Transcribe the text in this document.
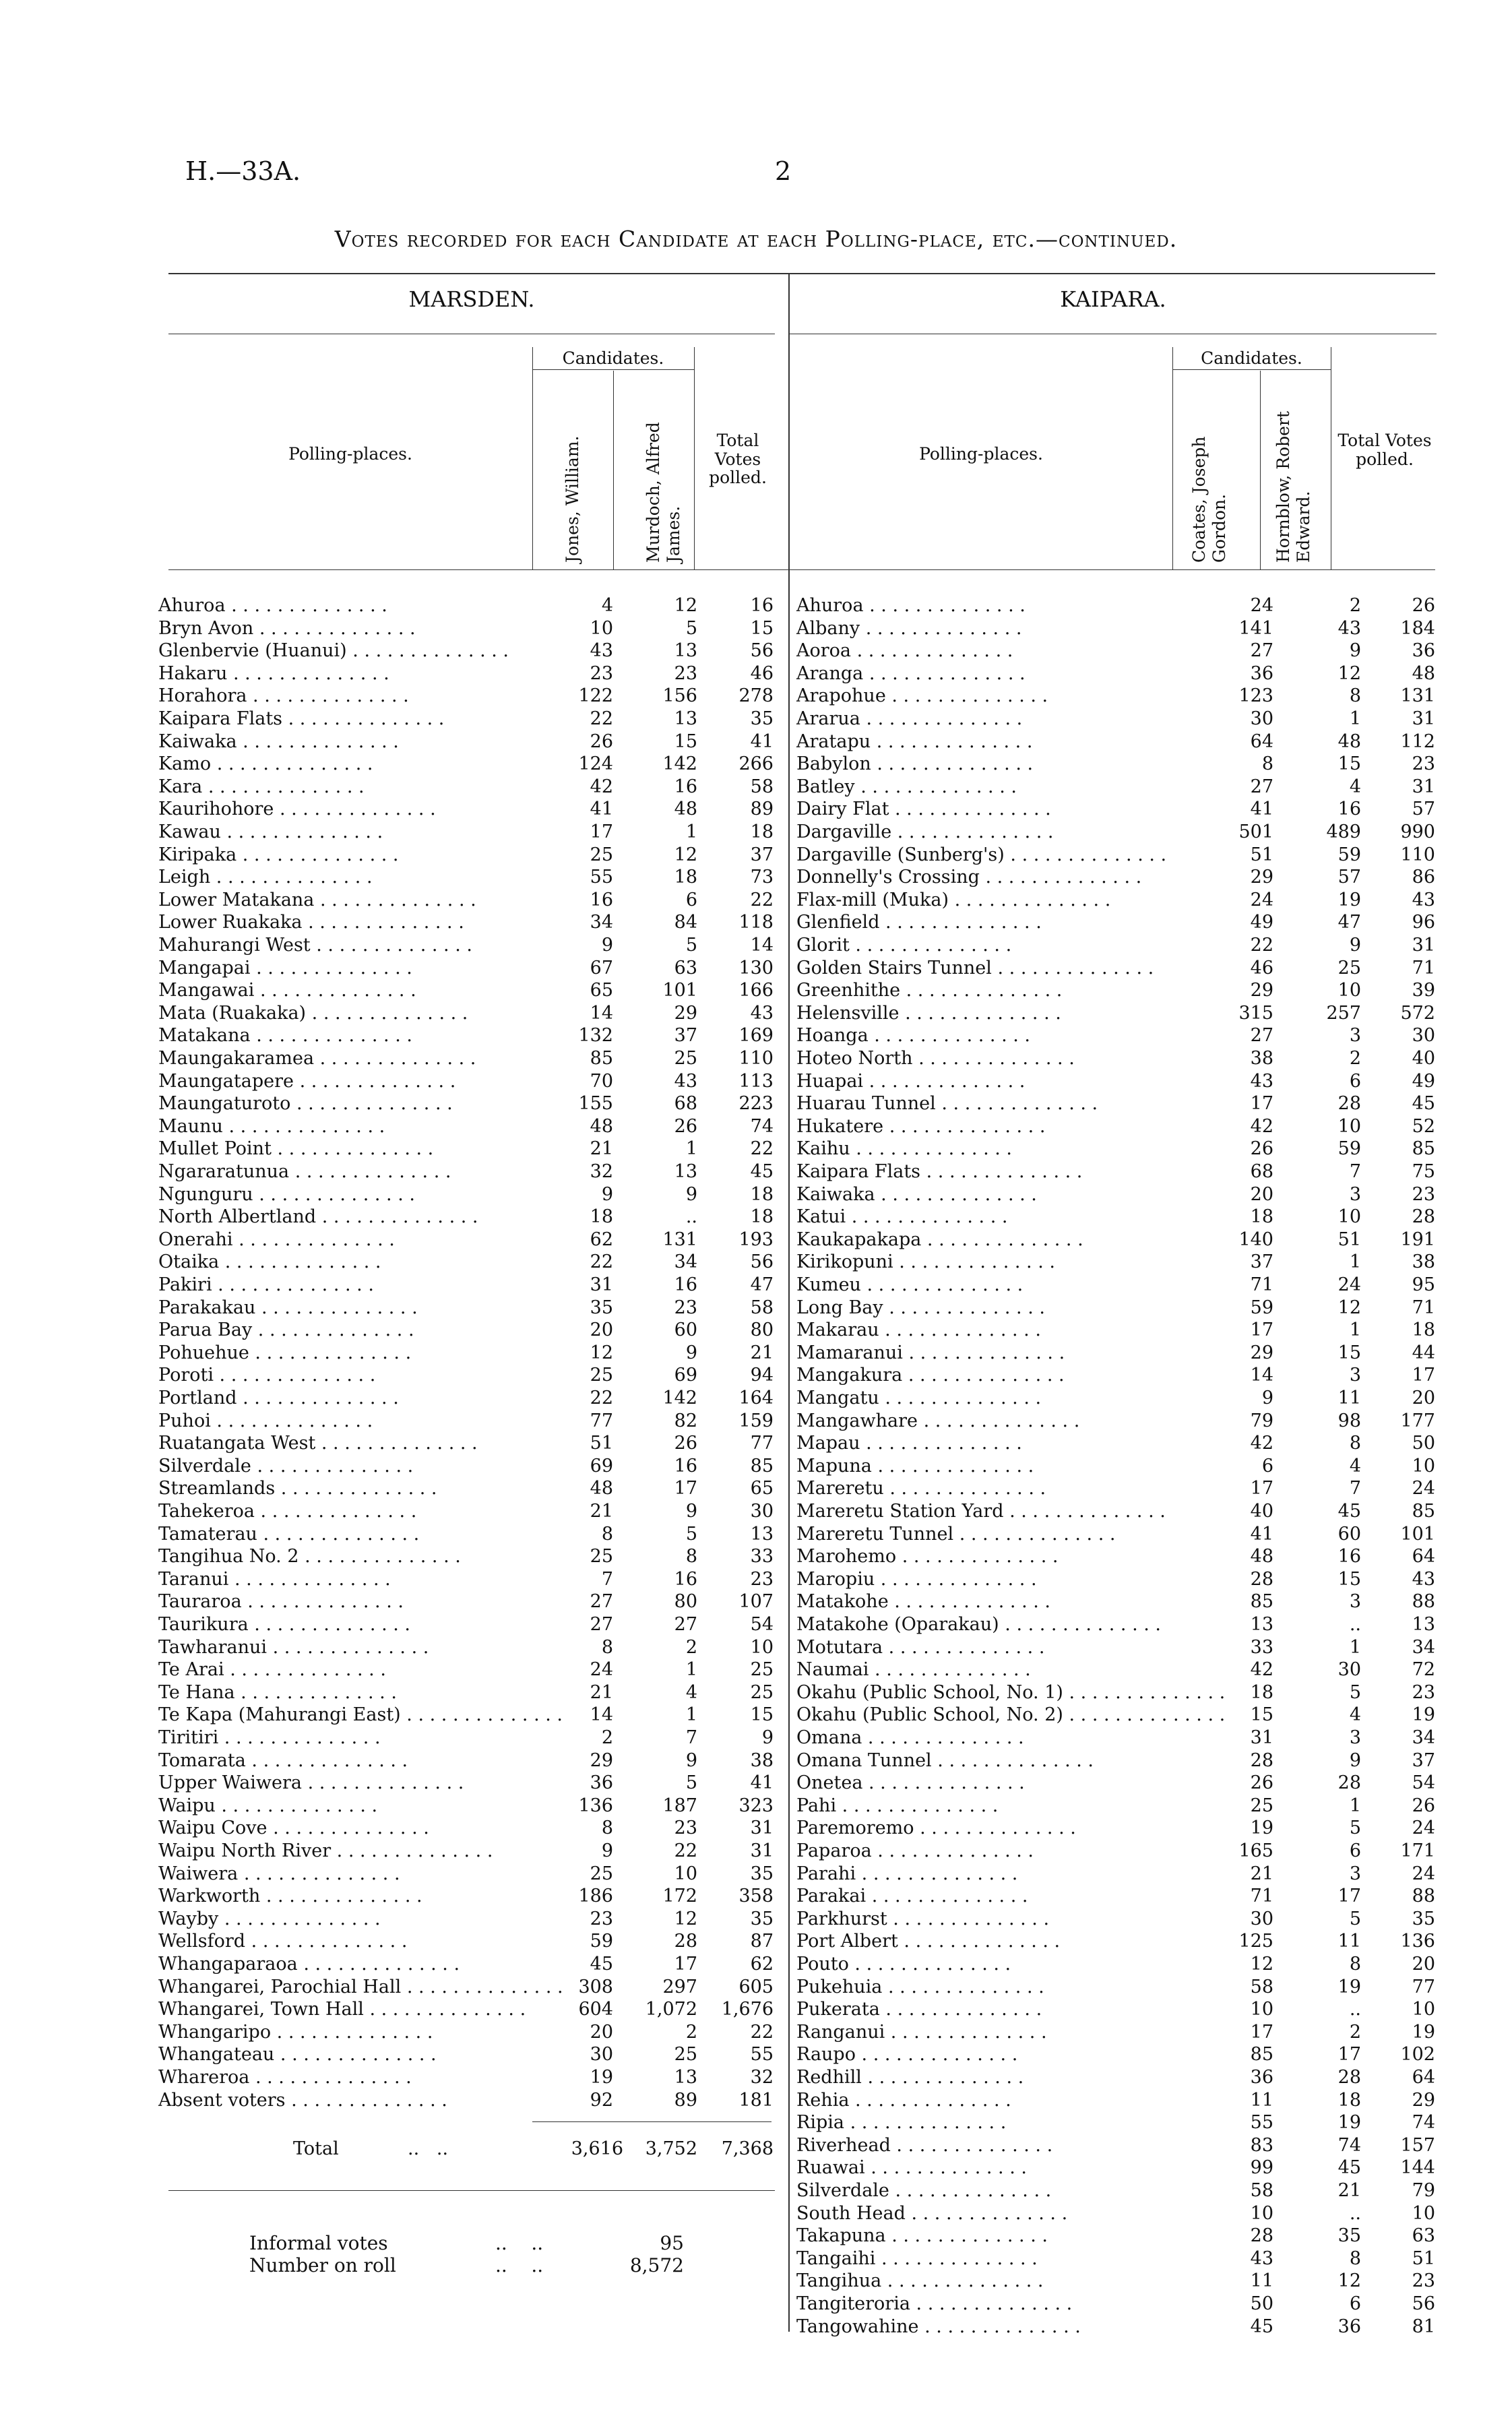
H.—33A.	2
Votes recorded for each Candidate at each Polling-place, etc.—continued.
MARSDEN.	KAIPARA.
Candidates.
Polling-places.	Jones, William.	Murdoch, Alfred James.
Total Votes polled.
Candidates.
Polling-places.	Coates, Joseph Gordon.	Hornblow, Robert Edward.
Total Votes polled.
Ahuroa . . . . . . . . . . . . . .	4	12	16
Bryn Avon . . . . . . . . . . . . . .	10	5	15
Glenbervie (Huanui) . . . . . . . . . . . . . .	43	13	56
Hakaru . . . . . . . . . . . . . .	23	23	46
Horahora . . . . . . . . . . . . . .	122	156	278
Kaipara Flats . . . . . . . . . . . . . .	22	13	35
Kaiwaka . . . . . . . . . . . . . .	26	15	41
Kamo . . . . . . . . . . . . . .	124	142	266
Kara . . . . . . . . . . . . . .	42	16	58
Kaurihohore . . . . . . . . . . . . . .	41	48	89
Kawau . . . . . . . . . . . . . .	17	1	18
Kiripaka . . . . . . . . . . . . . .	25	12	37
Leigh . . . . . . . . . . . . . .	55	18	73
Lower Matakana . . . . . . . . . . . . . .	16	6	22
Lower Ruakaka . . . . . . . . . . . . . .	34	84	118
Mahurangi West . . . . . . . . . . . . . .	9	5	14
Mangapai . . . . . . . . . . . . . .	67	63	130
Mangawai . . . . . . . . . . . . . .	65	101	166
Mata (Ruakaka) . . . . . . . . . . . . . .	14	29	43
Matakana . . . . . . . . . . . . . .	132	37	169
Maungakaramea . . . . . . . . . . . . . .	85	25	110
Maungatapere . . . . . . . . . . . . . .	70	43	113
Maungaturoto . . . . . . . . . . . . . .	155	68	223
Maunu . . . . . . . . . . . . . .	48	26	74
Mullet Point . . . . . . . . . . . . . .	21	1	22
Ngararatunua . . . . . . . . . . . . . .	32	13	45
Ngunguru . . . . . . . . . . . . . .	9	9	18
North Albertland . . . . . . . . . . . . . .	18	..	18
Onerahi . . . . . . . . . . . . . .	62	131	193
Otaika . . . . . . . . . . . . . .	22	34	56
Pakiri . . . . . . . . . . . . . .	31	16	47
Parakakau . . . . . . . . . . . . . .	35	23	58
Parua Bay . . . . . . . . . . . . . .	20	60	80
Pohuehue . . . . . . . . . . . . . .	12	9	21
Poroti . . . . . . . . . . . . . .	25	69	94
Portland . . . . . . . . . . . . . .	22	142	164
Puhoi . . . . . . . . . . . . . .	77	82	159
Ruatangata West . . . . . . . . . . . . . .	51	26	77
Silverdale . . . . . . . . . . . . . .	69	16	85
Streamlands . . . . . . . . . . . . . .	48	17	65
Tahekeroa . . . . . . . . . . . . . .	21	9	30
Tamaterau . . . . . . . . . . . . . .	8	5	13
Tangihua No. 2 . . . . . . . . . . . . . .	25	8	33
Taranui . . . . . . . . . . . . . .	7	16	23
Tauraroa . . . . . . . . . . . . . .	27	80	107
Taurikura . . . . . . . . . . . . . .	27	27	54
Tawharanui . . . . . . . . . . . . . .	8	2	10
Te Arai . . . . . . . . . . . . . .	24	1	25
Te Hana . . . . . . . . . . . . . .	21	4	25
Te Kapa (Mahurangi East) . . . . . . . . . . . . . .	14	1	15
Tiritiri . . . . . . . . . . . . . .	2	7	9
Tomarata . . . . . . . . . . . . . .	29	9	38
Upper Waiwera . . . . . . . . . . . . . .	36	5	41
Waipu . . . . . . . . . . . . . .	136	187	323
Waipu Cove . . . . . . . . . . . . . .	8	23	31
Waipu North River . . . . . . . . . . . . . .	9	22	31
Waiwera . . . . . . . . . . . . . .	25	10	35
Warkworth . . . . . . . . . . . . . .	186	172	358
Wayby . . . . . . . . . . . . . .	23	12	35
Wellsford . . . . . . . . . . . . . .	59	28	87
Whangaparaoa . . . . . . . . . . . . . .	45	17	62
Whangarei, Parochial Hall . . . . . . . . . . . . . . 308	297	605
Whangarei, Town Hall . . . . . . . . . . . . . .	604	1,072	1,676
Whangaripo . . . . . . . . . . . . . .	20	2	22
Whangateau . . . . . . . . . . . . . .	30	25	55
Whareroa . . . . . . . . . . . . . .	19	13	32
Absent voters . . . . . . . . . . . . . .	92	89	181
Ahuroa . . . . . . . . . . . . . .	24	2	26
Albany . . . . . . . . . . . . . .	141	43	184
Aoroa . . . . . . . . . . . . . .	27	9	36
Aranga . . . . . . . . . . . . . .	36	12	48
Arapohue . . . . . . . . . . . . . .	123	8	131
Ararua . . . . . . . . . . . . . .	30	1	31
Aratapu . . . . . . . . . . . . . .	64	48	112
Babylon . . . . . . . . . . . . . .	8	15	23
Batley . . . . . . . . . . . . . .	27	4	31
Dairy Flat . . . . . . . . . . . . . .	41	16	57
Dargaville . . . . . . . . . . . . . .	501	489	990
Dargaville (Sunberg's) . . . . . . . . . . . . . .	51	59	110
Donnelly's Crossing . . . . . . . . . . . . . .	29	57	86
Flax-mill (Muka) . . . . . . . . . . . . . .	24	19	43
Glenfield . . . . . . . . . . . . . .	49	47	96
Glorit . . . . . . . . . . . . . .	22	9	31
Golden Stairs Tunnel . . . . . . . . . . . . . .	46	25	71
Greenhithe . . . . . . . . . . . . . .	29	10	39
Helensville . . . . . . . . . . . . . .	315	257	572
Hoanga . . . . . . . . . . . . . .	27	3	30
Hoteo North . . . . . . . . . . . . . .	38	2	40
Huapai . . . . . . . . . . . . . .	43	6	49
Huarau Tunnel . . . . . . . . . . . . . .	17	28	45
Hukatere . . . . . . . . . . . . . .	42	10	52
Kaihu . . . . . . . . . . . . . .	26	59	85
Kaipara Flats . . . . . . . . . . . . . .	68	7	75
Kaiwaka . . . . . . . . . . . . . .	20	3	23
Katui . . . . . . . . . . . . . .	18	10	28
Kaukapakapa . . . . . . . . . . . . . .	140	51	191
Kirikopuni . . . . . . . . . . . . . .	37	1	38
Kumeu . . . . . . . . . . . . . .	71	24	95
Long Bay . . . . . . . . . . . . . .	59	12	71
Makarau . . . . . . . . . . . . . .	17	1	18
Mamaranui . . . . . . . . . . . . . .	29	15	44
Mangakura . . . . . . . . . . . . . .	14	3	17
Mangatu . . . . . . . . . . . . . .	9	11	20
Mangawhare . . . . . . . . . . . . . .	79	98	177
Mapau . . . . . . . . . . . . . .	42	8	50
Mapuna . . . . . . . . . . . . . .	6	4	10
Mareretu . . . . . . . . . . . . . .	17	7	24
Mareretu Station Yard . . . . . . . . . . . . . .	40	45	85
Mareretu Tunnel . . . . . . . . . . . . . .	41	60	101
Marohemo . . . . . . . . . . . . . .	48	16	64
Maropiu . . . . . . . . . . . . . .	28	15	43
Matakohe . . . . . . . . . . . . . .	85	3	88
Matakohe (Oparakau) . . . . . . . . . . . . . .	13	..	13
Motutara . . . . . . . . . . . . . .	33	1	34
Naumai . . . . . . . . . . . . . .	42	30	72
Okahu (Public School, No. 1) . . . . . . . . . . . . . .	18	5	23
Okahu (Public School, No. 2) . . . . . . . . . . . . . .	15	4	19
Omana . . . . . . . . . . . . . .	31	3	34
Omana Tunnel . . . . . . . . . . . . . .	28	9	37
Onetea . . . . . . . . . . . . . .	26	28	54
Pahi . . . . . . . . . . . . . .	25	1	26
Paremoremo . . . . . . . . . . . . . .	19	5	24
Paparoa . . . . . . . . . . . . . .	165	6	171
Parahi . . . . . . . . . . . . . .	21	3	24
Parakai . . . . . . . . . . . . . .	71	17	88
Parkhurst . . . . . . . . . . . . . .	30	5	35
Port Albert . . . . . . . . . . . . . .	125	11	136
Pouto . . . . . . . . . . . . . .	12	8	20
Pukehuia . . . . . . . . . . . . . .	58	19	77
Pukerata . . . . . . . . . . . . . .	10	..	10
Ranganui . . . . . . . . . . . . . .	17	2	19
Raupo . . . . . . . . . . . . . .	85	17	102
Redhill . . . . . . . . . . . . . .	36	28	64
Rehia . . . . . . . . . . . . . .	11	18	29
Ripia . . . . . . . . . . . . . .	55	19	74
Riverhead . . . . . . . . . . . . . .	83	74	157
Ruawai . . . . . . . . . . . . . .	99	45	144
Silverdale . . . . . . . . . . . . . .	58	21	79
South Head . . . . . . . . . . . . . .	10	..	10
Takapuna . . . . . . . . . . . . . .	28	35	63
Tangaihi . . . . . . . . . . . . . .	43	8	51
Tangihua . . . . . . . . . . . . . .	11	12	23
Tangiteroria . . . . . . . . . . . . . .	50	6	56
Tangowahine . . . . . . . . . . . . . .	45	36	81
Total	..   ..	3,616	3,752	7,368
Informal votes	..    ..	95
Number on roll	..    ..	8,572
